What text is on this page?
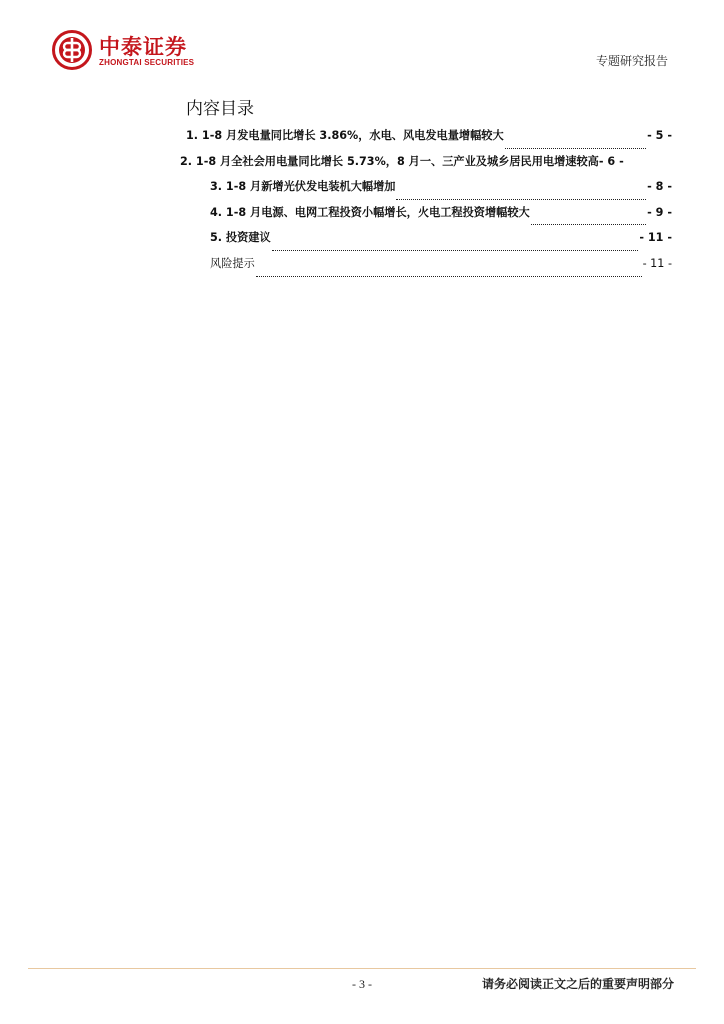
中泰证券
ZHONGTAI SECURITIES	专题研究报告
内容目录
1. 1-8 月发电量同比增长 3.86%，水电、风电发电量增幅较大	- 5 -
2. 1-8 月全社会用电量同比增长 5.73%，8 月一、三产业及城乡居民用电增速较高 - 6 -
3. 1-8 月新增光伏发电装机大幅增加	- 8 -
4. 1-8 月电源、电网工程投资小幅增长，火电工程投资增幅较大	- 9 -
5. 投资建议	- 11 -
风险提示	- 11 -
- 3 -	请务必阅读正文之后的重要声明部分
